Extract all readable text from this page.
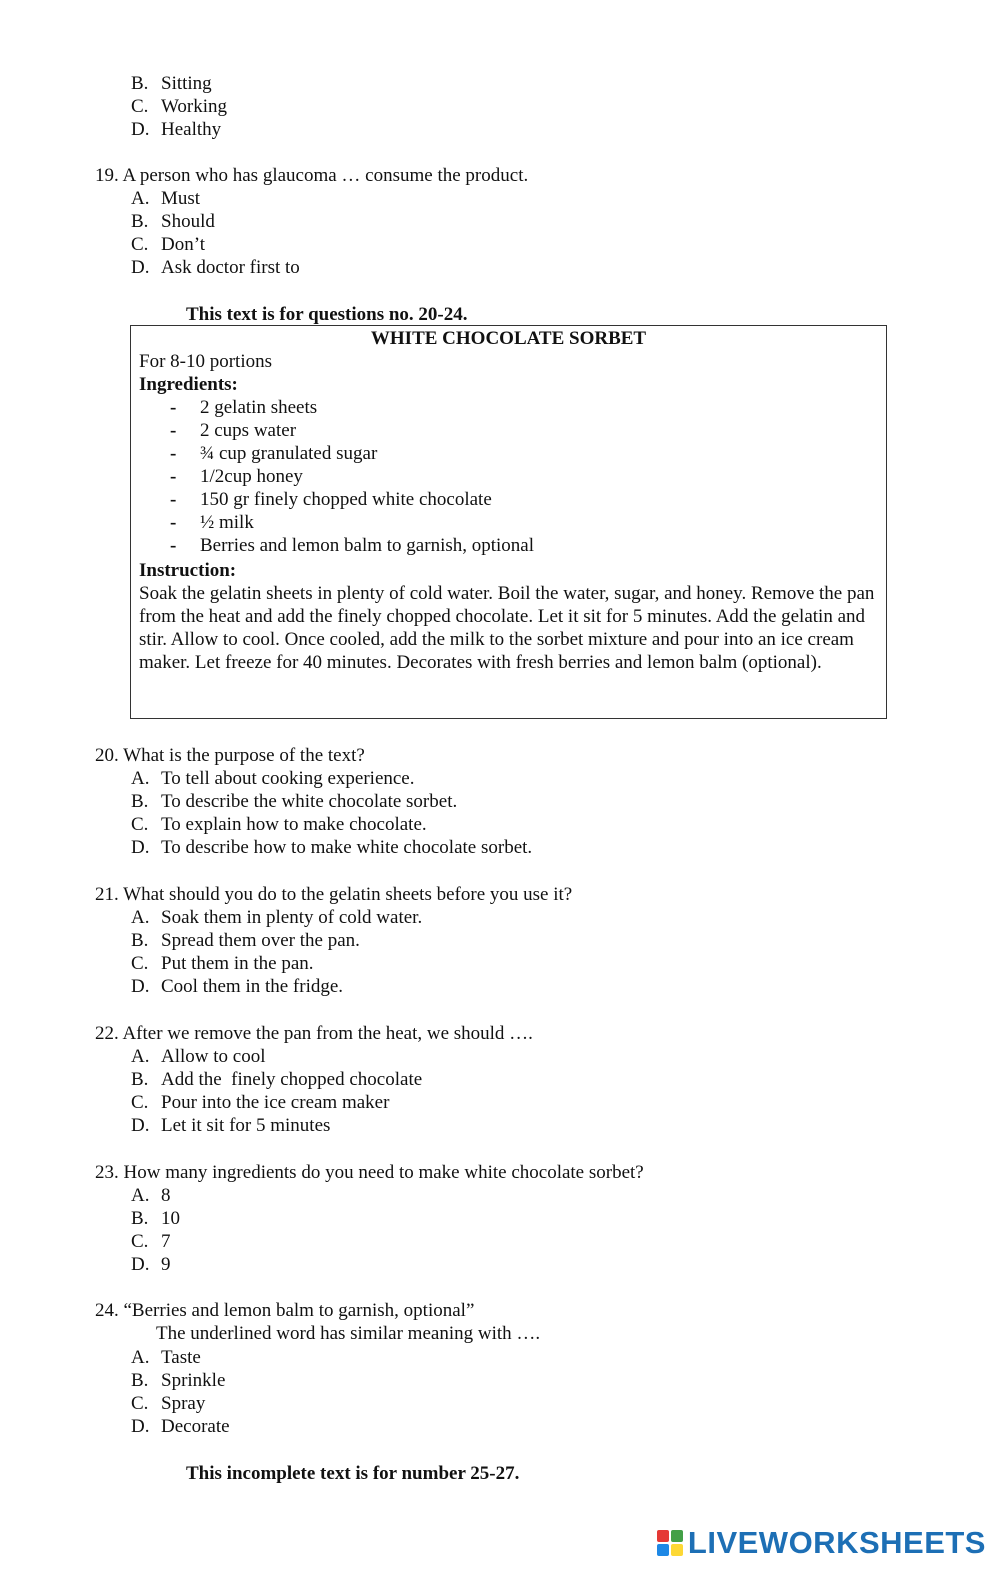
B. Sitting
C. Working
D. Healthy
19. A person who has glaucoma … consume the product.
A. Must
B. Should
C. Don’t
D. Ask doctor first to
This text is for questions no. 20-24.
WHITE CHOCOLATE SORBET
For 8-10 portions
Ingredients:
- 2 gelatin sheets
- 2 cups water
- ¾ cup granulated sugar
- 1/2cup honey
- 150 gr finely chopped white chocolate
- ½ milk
- Berries and lemon balm to garnish, optional
Instruction:
Soak the gelatin sheets in plenty of cold water. Boil the water, sugar, and honey. Remove the pan from the heat and add the finely chopped chocolate. Let it sit for 5 minutes. Add the gelatin and stir. Allow to cool. Once cooled, add the milk to the sorbet mixture and pour into an ice cream maker. Let freeze for 40 minutes. Decorates with fresh berries and lemon balm (optional).
20. What is the purpose of the text?
A. To tell about cooking experience.
B. To describe the white chocolate sorbet.
C. To explain how to make chocolate.
D. To describe how to make white chocolate sorbet.
21. What should you do to the gelatin sheets before you use it?
A. Soak them in plenty of cold water.
B. Spread them over the pan.
C. Put them in the pan.
D. Cool them in the fridge.
22. After we remove the pan from the heat, we should ….
A. Allow to cool
B. Add the  finely chopped chocolate
C. Pour into the ice cream maker
D. Let it sit for 5 minutes
23. How many ingredients do you need to make white chocolate sorbet?
A. 8
B. 10
C. 7
D. 9
24. “Berries and lemon balm to garnish, optional”
The underlined word has similar meaning with ….
A. Taste
B. Sprinkle
C. Spray
D. Decorate
This incomplete text is for number 25-27.
LIVEWORKSHEETS
